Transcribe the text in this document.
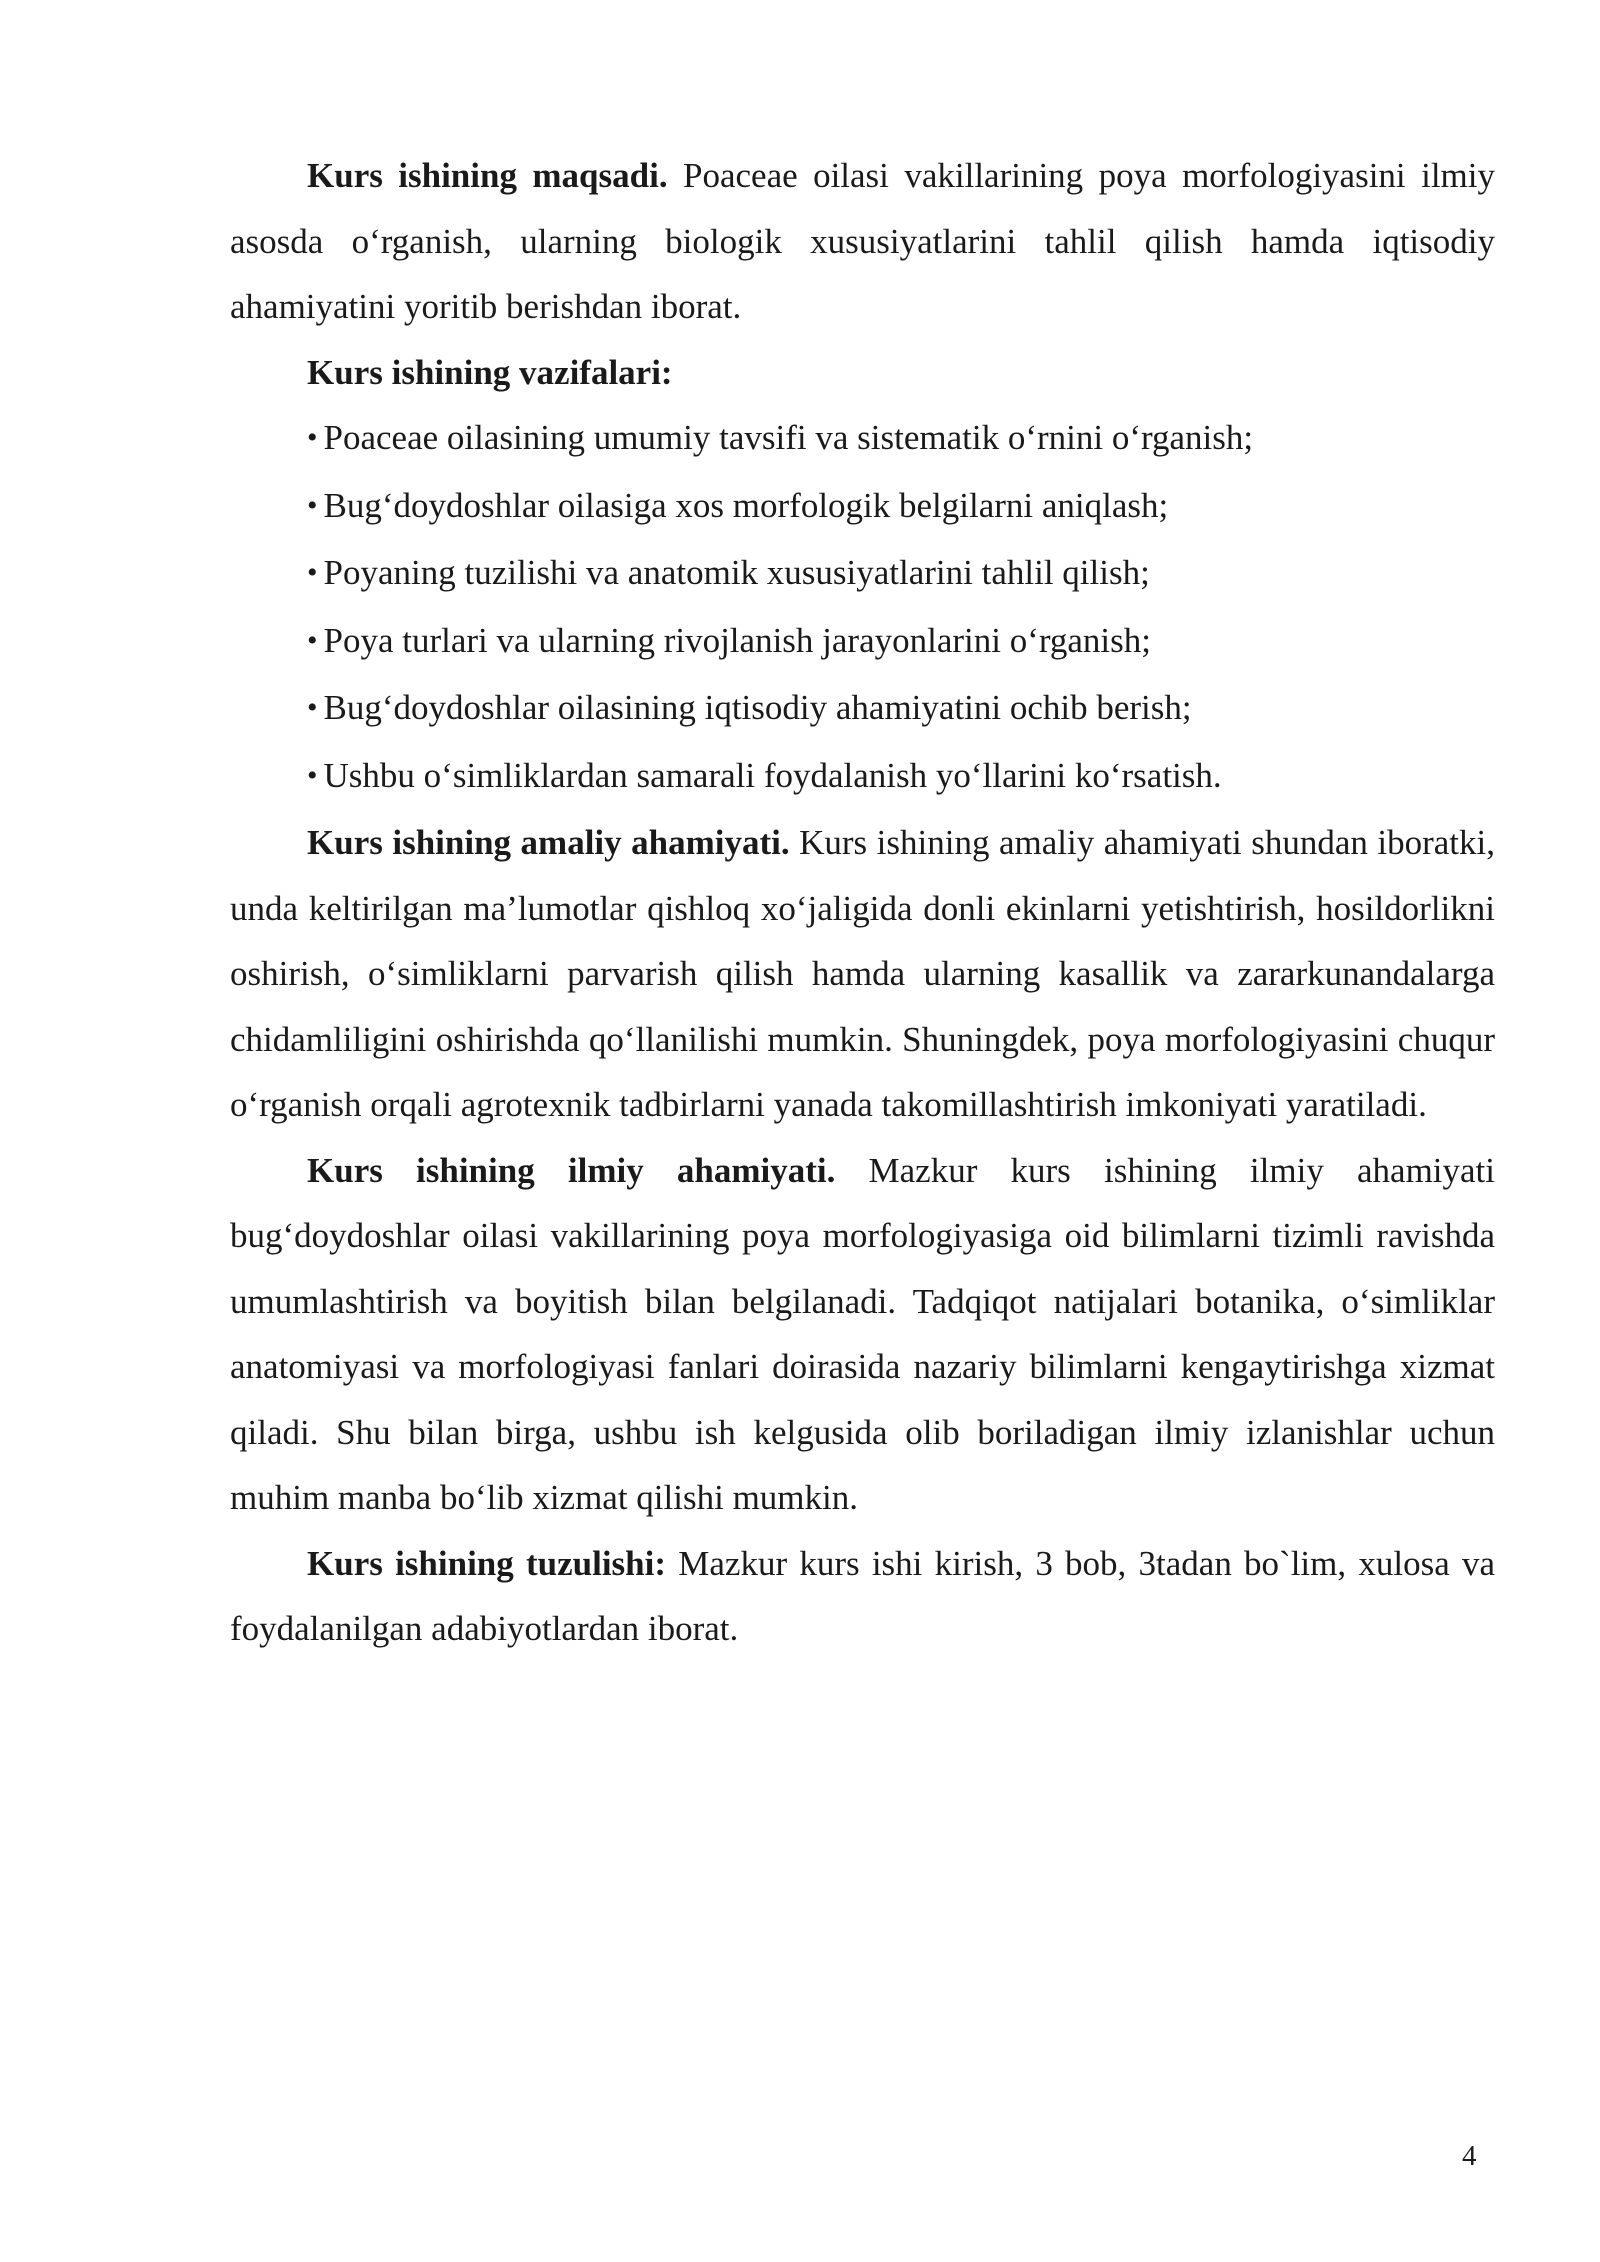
Kurs ishining maqsadi. Poaceae oilasi vakillarining poya morfologiyasini ilmiy asosda o‘rganish, ularning biologik xususiyatlarini tahlil qilish hamda iqtisodiy ahamiyatini yoritib berishdan iborat.

Kurs ishining vazifalari:

• Poaceae oilasining umumiy tavsifi va sistematik o‘rnini o‘rganish;
• Bug‘doydoshlar oilasiga xos morfologik belgilarni aniqlash;
• Poyaning tuzilishi va anatomik xususiyatlarini tahlil qilish;
• Poya turlari va ularning rivojlanish jarayonlarini o‘rganish;
• Bug‘doydoshlar oilasining iqtisodiy ahamiyatini ochib berish;
• Ushbu o‘simliklardan samarali foydalanish yo‘llarini ko‘rsatish.

Kurs ishining amaliy ahamiyati. Kurs ishining amaliy ahamiyati shundan iboratki, unda keltirilgan ma’lumotlar qishloq xo‘jaligida donli ekinlarni yetishtirish, hosildorlikni oshirish, o‘simliklarni parvarish qilish hamda ularning kasallik va zararkunandalarga chidamliligini oshirishda qo‘llanilishi mumkin. Shuningdek, poya morfologiyasini chuqur o‘rganish orqali agrotexnik tadbirlarni yanada takomillashtirish imkoniyati yaratiladi.

Kurs ishining ilmiy ahamiyati. Mazkur kurs ishining ilmiy ahamiyati bug‘doydoshlar oilasi vakillarining poya morfologiyasiga oid bilimlarni tizimli ravishda umumlashtirish va boyitish bilan belgilanadi. Tadqiqot natijalari botanika, o‘simliklar anatomiyasi va morfologiyasi fanlari doirasida nazariy bilimlarni kengaytirishga xizmat qiladi. Shu bilan birga, ushbu ish kelgusida olib boriladigan ilmiy izlanishlar uchun muhim manba bo‘lib xizmat qilishi mumkin.

Kurs ishining tuzulishi: Mazkur kurs ishi kirish, 3 bob, 3tadan bo`lim, xulosa va foydalanilgan adabiyotlardan iborat.

4
